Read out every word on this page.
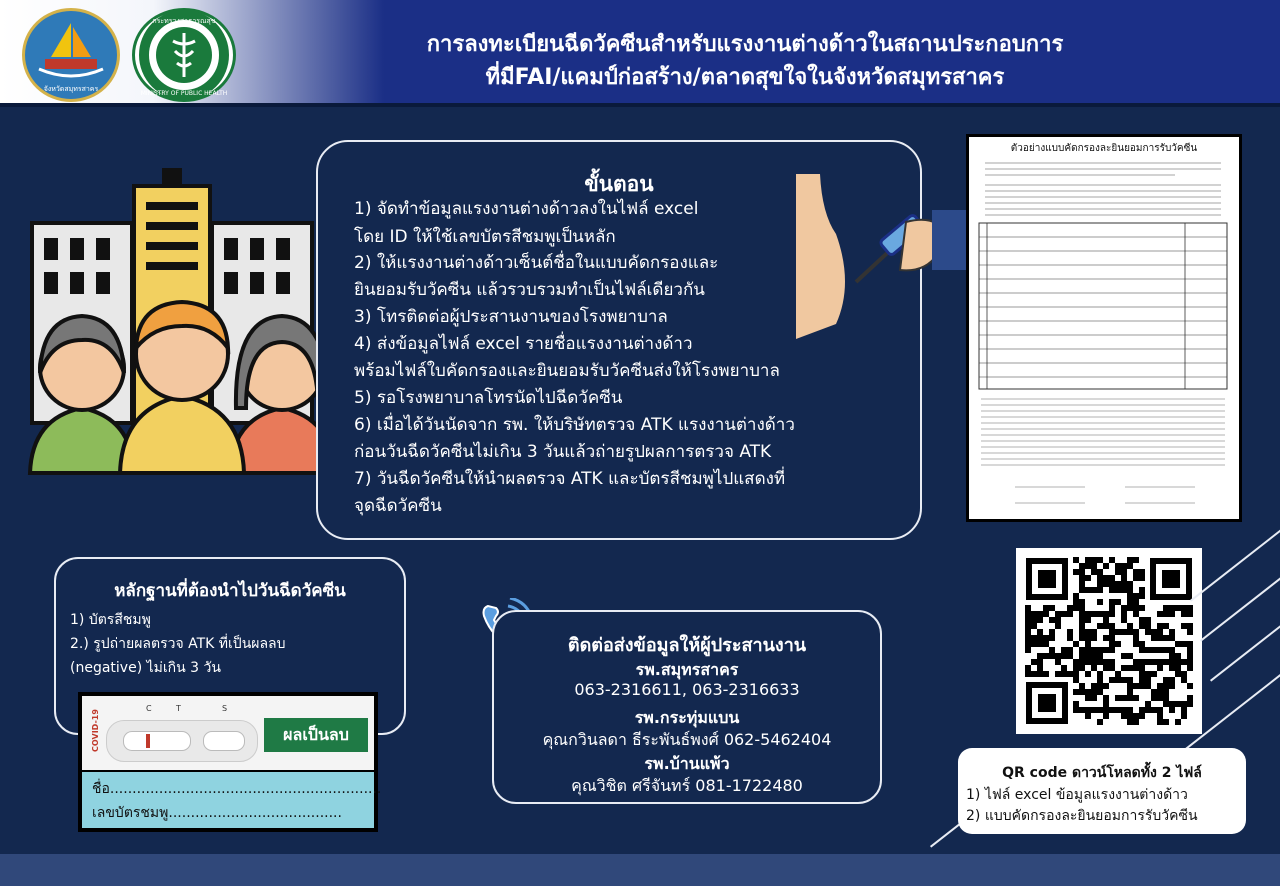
จังหวัดสมุทรสาคร
กระทรวงสาธารณสุข
MINISTRY OF PUBLIC HEALTH
การลงทะเบียนฉีดวัคซีนสำหรับแรงงานต่างด้าวในสถานประกอบการ
ที่มีFAI/แคมป์ก่อสร้าง/ตลาดสุขใจในจังหวัดสมุทรสาคร
ขั้นตอน
1) จัดทำข้อมูลแรงงานต่างด้าวลงในไฟล์ excel
โดย ID ให้ใช้เลขบัตรสีชมพูเป็นหลัก
2) ให้แรงงานต่างด้าวเซ็นต์ชื่อในแบบคัดกรองและ
ยินยอมรับวัคซีน แล้วรวบรวมทำเป็นไฟล์เดียวกัน
3) โทรติดต่อผู้ประสานงานของโรงพยาบาล
4) ส่งข้อมูลไฟล์ excel รายชื่อแรงงานต่างด้าว
พร้อมไฟล์ใบคัดกรองและยินยอมรับวัคซีนส่งให้โรงพยาบาล
5) รอโรงพยาบาลโทรนัดไปฉีดวัคซีน
6) เมื่อได้วันนัดจาก รพ. ให้บริษัทตรวจ ATK แรงงานต่างด้าว
ก่อนวันฉีดวัคซีนไม่เกิน 3 วันแล้วถ่ายรูปผลการตรวจ ATK
7) วันฉีดวัคซีนให้นำผลตรวจ ATK และบัตรสีชมพูไปแสดงที่
จุดฉีดวัคซีน
ตัวอย่างแบบคัดกรองละยินยอมการรับวัคซีน
QR code ดาวน์โหลดทั้ง 2 ไฟล์
1) ไฟล์ excel ข้อมูลแรงงานต่างด้าว
2) แบบคัดกรองละยินยอมการรับวัคซีน
หลักฐานที่ต้องนำไปวันฉีดวัคซีน
1) บัตรสีชมพู
2.) รูปถ่ายผลตรวจ ATK ที่เป็นผลลบ
(negative) ไม่เกิน 3 วัน
COVID-19
C	T	S
ผลเป็นลบ
ชื่อ.............................................................
เลขบัตรชมพู.......................................
ติดต่อส่งข้อมูลให้ผู้ประสานงาน
รพ.สมุทรสาคร
063-2316611, 063-2316633
รพ.กระทุ่มแบน
คุณกวินลดา ธีระพันธ์พงศ์ 062-5462404
รพ.บ้านแพ้ว
คุณวิชิต ศรีจันทร์ 081-1722480
